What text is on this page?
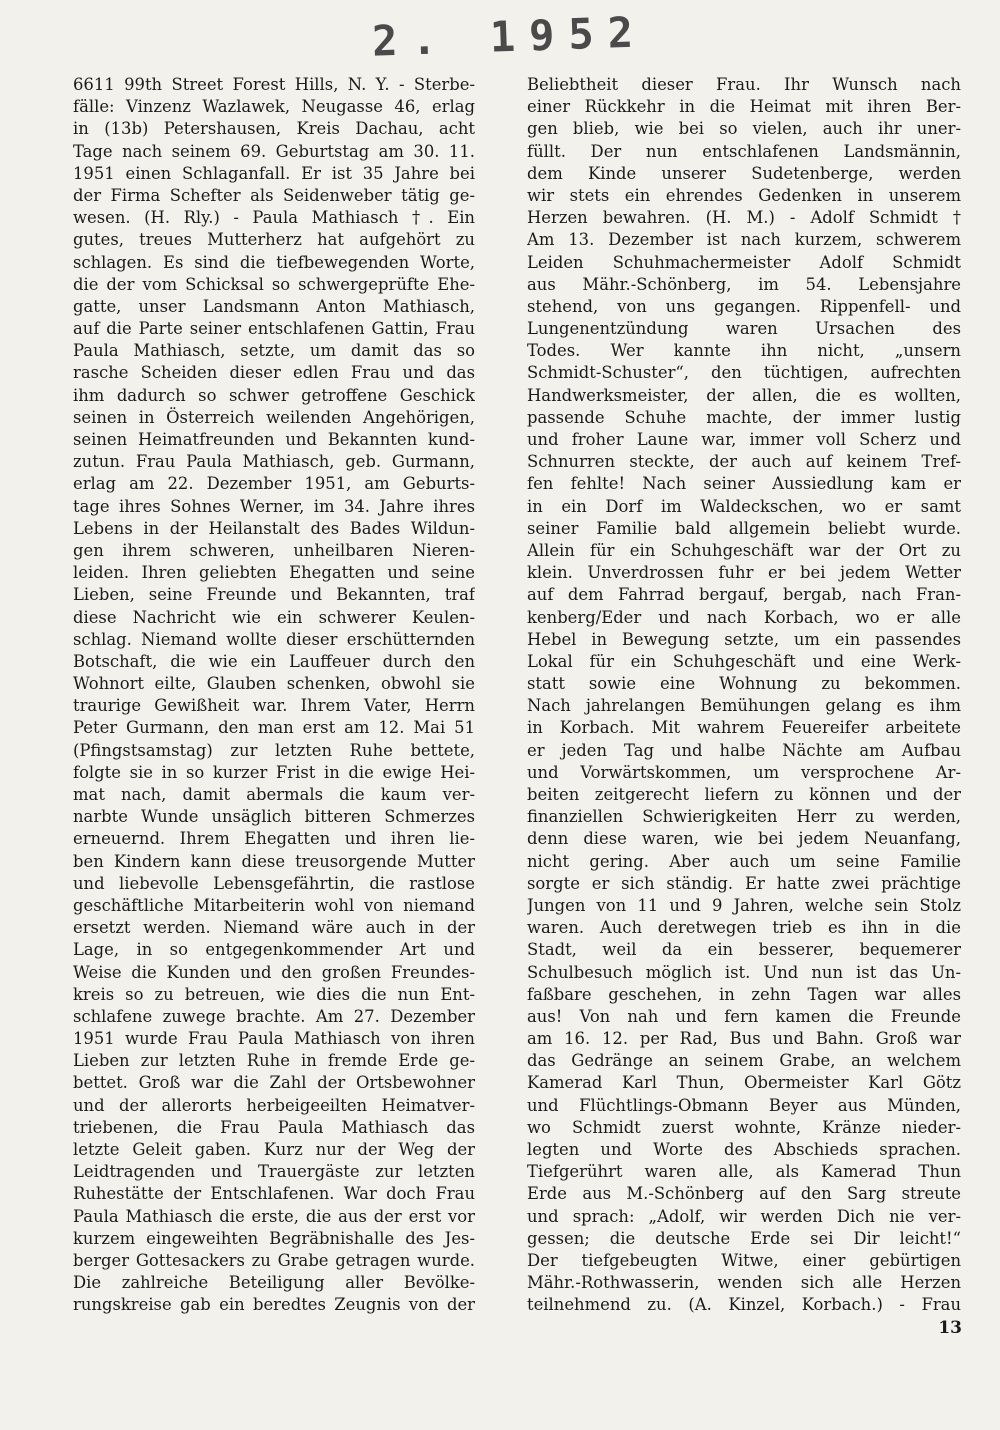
2. 1952
6611 99th Street Forest Hills, N. Y. - Sterbe-
fälle: Vinzenz Wazlawek, Neugasse 46, erlag
in (13b) Petershausen, Kreis Dachau, acht
Tage nach seinem 69. Geburtstag am 30. 11.
1951 einen Schlaganfall. Er ist 35 Jahre bei
der Firma Schefter als Seidenweber tätig ge-
wesen. (H. Rly.) - Paula Mathiasch †. Ein
gutes, treues Mutterherz hat aufgehört zu
schlagen. Es sind die tiefbewegenden Worte,
die der vom Schicksal so schwergeprüfte Ehe-
gatte, unser Landsmann Anton Mathiasch,
auf die Parte seiner entschlafenen Gattin, Frau
Paula Mathiasch, setzte, um damit das so
rasche Scheiden dieser edlen Frau und das
ihm dadurch so schwer getroffene Geschick
seinen in Österreich weilenden Angehörigen,
seinen Heimatfreunden und Bekannten kund-
zutun. Frau Paula Mathiasch, geb. Gurmann,
erlag am 22. Dezember 1951, am Geburts-
tage ihres Sohnes Werner, im 34. Jahre ihres
Lebens in der Heilanstalt des Bades Wildun-
gen ihrem schweren, unheilbaren Nieren-
leiden. Ihren geliebten Ehegatten und seine
Lieben, seine Freunde und Bekannten, traf
diese Nachricht wie ein schwerer Keulen-
schlag. Niemand wollte dieser erschütternden
Botschaft, die wie ein Lauffeuer durch den
Wohnort eilte, Glauben schenken, obwohl sie
traurige Gewißheit war. Ihrem Vater, Herrn
Peter Gurmann, den man erst am 12. Mai 51
(Pfingstsamstag) zur letzten Ruhe bettete,
folgte sie in so kurzer Frist in die ewige Hei-
mat nach, damit abermals die kaum ver-
narbte Wunde unsäglich bitteren Schmerzes
erneuernd. Ihrem Ehegatten und ihren lie-
ben Kindern kann diese treusorgende Mutter
und liebevolle Lebensgefährtin, die rastlose
geschäftliche Mitarbeiterin wohl von niemand
ersetzt werden. Niemand wäre auch in der
Lage, in so entgegenkommender Art und
Weise die Kunden und den großen Freundes-
kreis so zu betreuen, wie dies die nun Ent-
schlafene zuwege brachte. Am 27. Dezember
1951 wurde Frau Paula Mathiasch von ihren
Lieben zur letzten Ruhe in fremde Erde ge-
bettet. Groß war die Zahl der Ortsbewohner
und der allerorts herbeigeeilten Heimatver-
triebenen, die Frau Paula Mathiasch das
letzte Geleit gaben. Kurz nur der Weg der
Leidtragenden und Trauergäste zur letzten
Ruhestätte der Entschlafenen. War doch Frau
Paula Mathiasch die erste, die aus der erst vor
kurzem eingeweihten Begräbnishalle des Jes-
berger Gottesackers zu Grabe getragen wurde.
Die zahlreiche Beteiligung aller Bevölke-
rungskreise gab ein beredtes Zeugnis von der
Beliebtheit dieser Frau. Ihr Wunsch nach
einer Rückkehr in die Heimat mit ihren Ber-
gen blieb, wie bei so vielen, auch ihr uner-
füllt. Der nun entschlafenen Landsmännin,
dem Kinde unserer Sudetenberge, werden
wir stets ein ehrendes Gedenken in unserem
Herzen bewahren. (H. M.) - Adolf Schmidt †
Am 13. Dezember ist nach kurzem, schwerem
Leiden Schuhmachermeister Adolf Schmidt
aus Mähr.-Schönberg, im 54. Lebensjahre
stehend, von uns gegangen. Rippenfell- und
Lungenentzündung waren Ursachen des
Todes. Wer kannte ihn nicht, „unsern
Schmidt-Schuster“, den tüchtigen, aufrechten
Handwerksmeister, der allen, die es wollten,
passende Schuhe machte, der immer lustig
und froher Laune war, immer voll Scherz und
Schnurren steckte, der auch auf keinem Tref-
fen fehlte! Nach seiner Aussiedlung kam er
in ein Dorf im Waldeckschen, wo er samt
seiner Familie bald allgemein beliebt wurde.
Allein für ein Schuhgeschäft war der Ort zu
klein. Unverdrossen fuhr er bei jedem Wetter
auf dem Fahrrad bergauf, bergab, nach Fran-
kenberg/Eder und nach Korbach, wo er alle
Hebel in Bewegung setzte, um ein passendes
Lokal für ein Schuhgeschäft und eine Werk-
statt sowie eine Wohnung zu bekommen.
Nach jahrelangen Bemühungen gelang es ihm
in Korbach. Mit wahrem Feuereifer arbeitete
er jeden Tag und halbe Nächte am Aufbau
und Vorwärtskommen, um versprochene Ar-
beiten zeitgerecht liefern zu können und der
finanziellen Schwierigkeiten Herr zu werden,
denn diese waren, wie bei jedem Neuanfang,
nicht gering. Aber auch um seine Familie
sorgte er sich ständig. Er hatte zwei prächtige
Jungen von 11 und 9 Jahren, welche sein Stolz
waren. Auch deretwegen trieb es ihn in die
Stadt, weil da ein besserer, bequemerer
Schulbesuch möglich ist. Und nun ist das Un-
faßbare geschehen, in zehn Tagen war alles
aus! Von nah und fern kamen die Freunde
am 16. 12. per Rad, Bus und Bahn. Groß war
das Gedränge an seinem Grabe, an welchem
Kamerad Karl Thun, Obermeister Karl Götz
und Flüchtlings-Obmann Beyer aus Münden,
wo Schmidt zuerst wohnte, Kränze nieder-
legten und Worte des Abschieds sprachen.
Tiefgerührt waren alle, als Kamerad Thun
Erde aus M.-Schönberg auf den Sarg streute
und sprach: „Adolf, wir werden Dich nie ver-
gessen; die deutsche Erde sei Dir leicht!“
Der tiefgebeugten Witwe, einer gebürtigen
Mähr.-Rothwasserin, wenden sich alle Herzen
teilnehmend zu. (A. Kinzel, Korbach.) - Frau
13
